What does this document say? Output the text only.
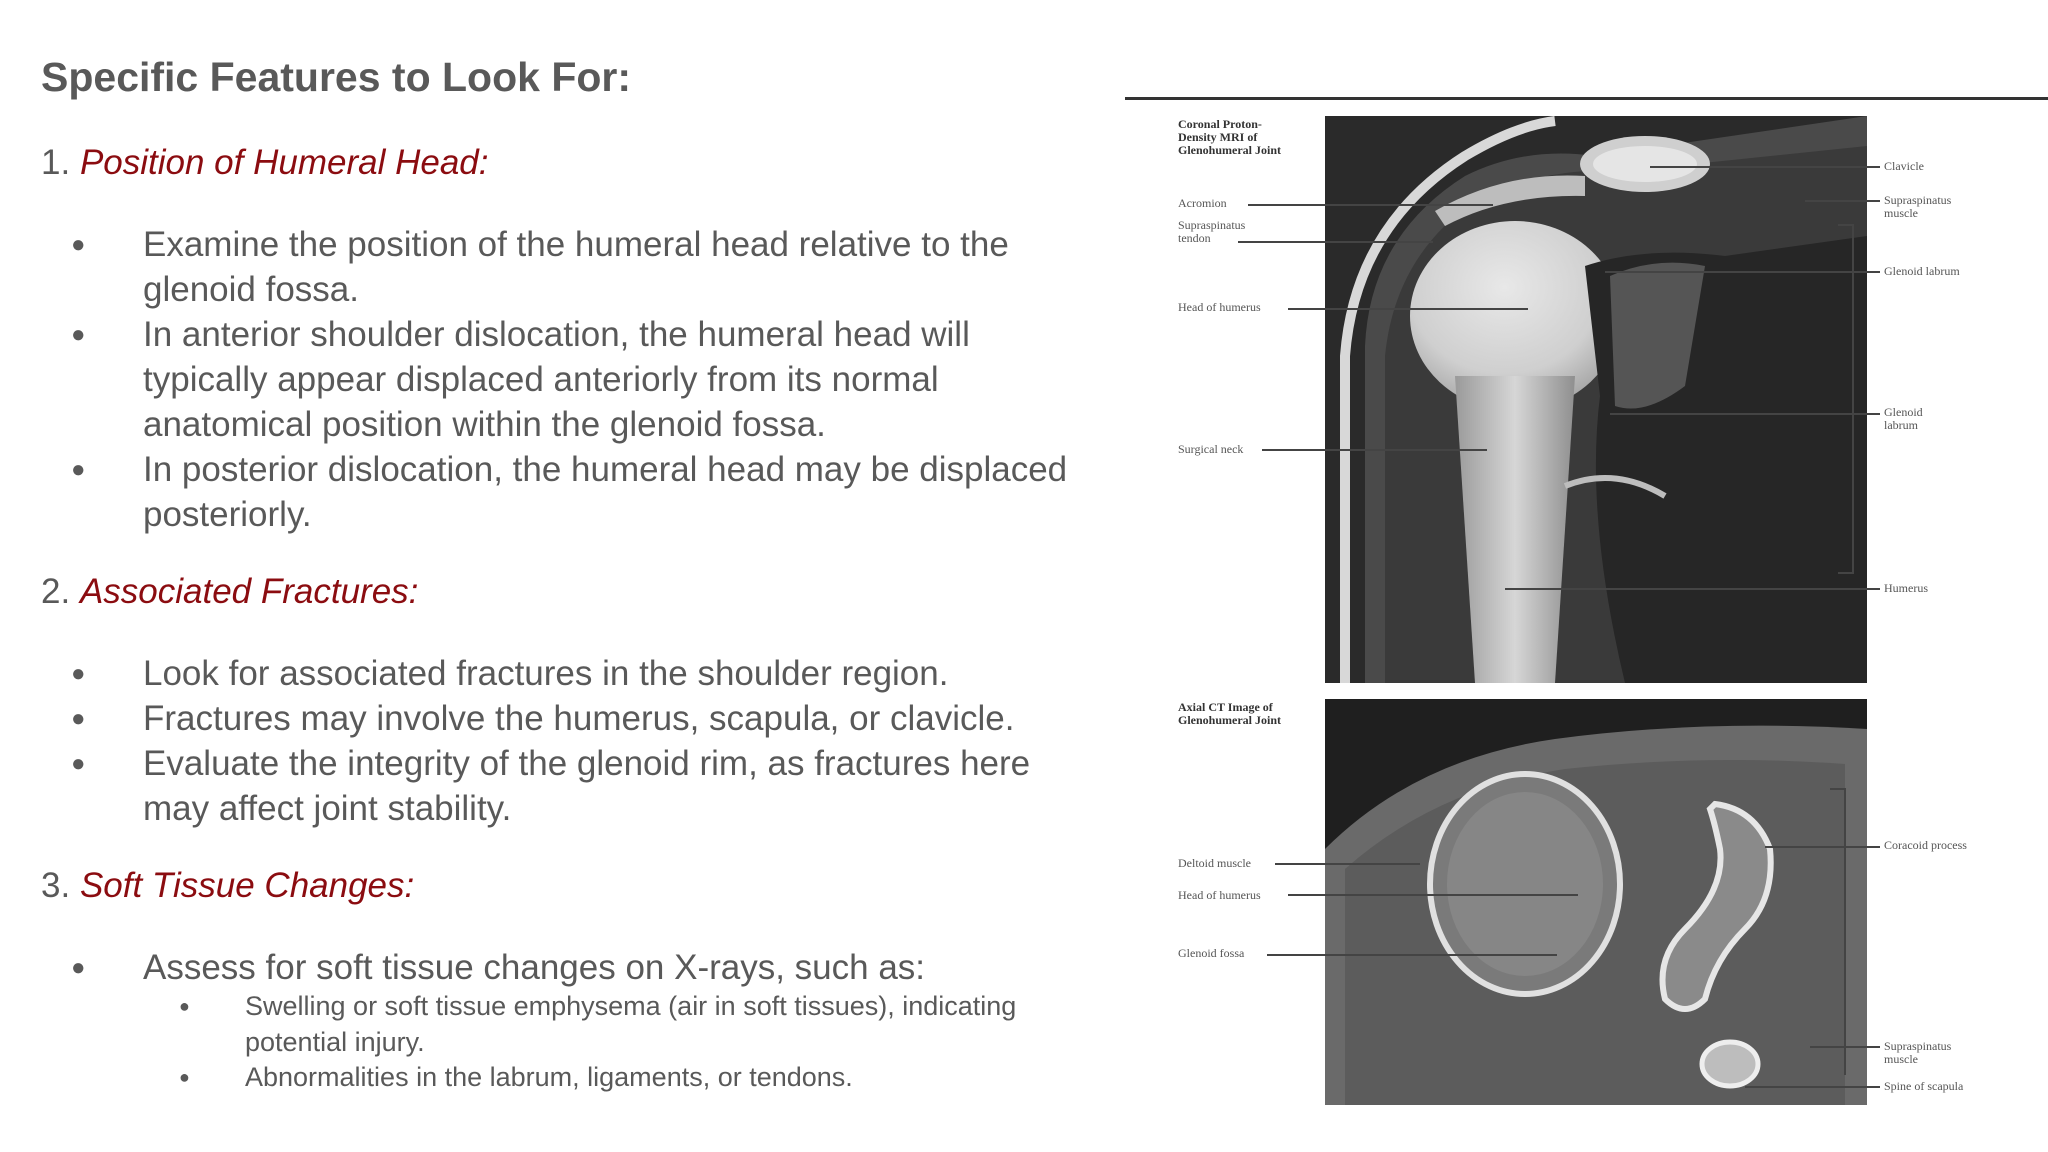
Specific Features to Look For:

1. Position of Humeral Head:

● Examine the position of the humeral head relative to the glenoid fossa.
● In anterior shoulder dislocation, the humeral head will typically appear displaced anteriorly from its normal anatomical position within the glenoid fossa.
● In posterior dislocation, the humeral head may be displaced posteriorly.

2. Associated Fractures:

● Look for associated fractures in the shoulder region.
● Fractures may involve the humerus, scapula, or clavicle.
● Evaluate the integrity of the glenoid rim, as fractures here may affect joint stability.

3. Soft Tissue Changes:

● Assess for soft tissue changes on X-rays, such as:
● Swelling or soft tissue emphysema (air in soft tissues), indicating potential injury.
● Abnormalities in the labrum, ligaments, or tendons.
Coronal Proton-
Density MRI of
Glenohumeral Joint
Acromion
Supraspinatus
tendon
Head of humerus
Surgical neck
Clavicle
Supraspinatus
muscle
Glenoid labrum
Glenoid
labrum
Humerus
Axial CT Image of
Glenohumeral Joint
Deltoid muscle
Head of humerus
Glenoid fossa
Coracoid process
Supraspinatus
muscle
Spine of scapula
